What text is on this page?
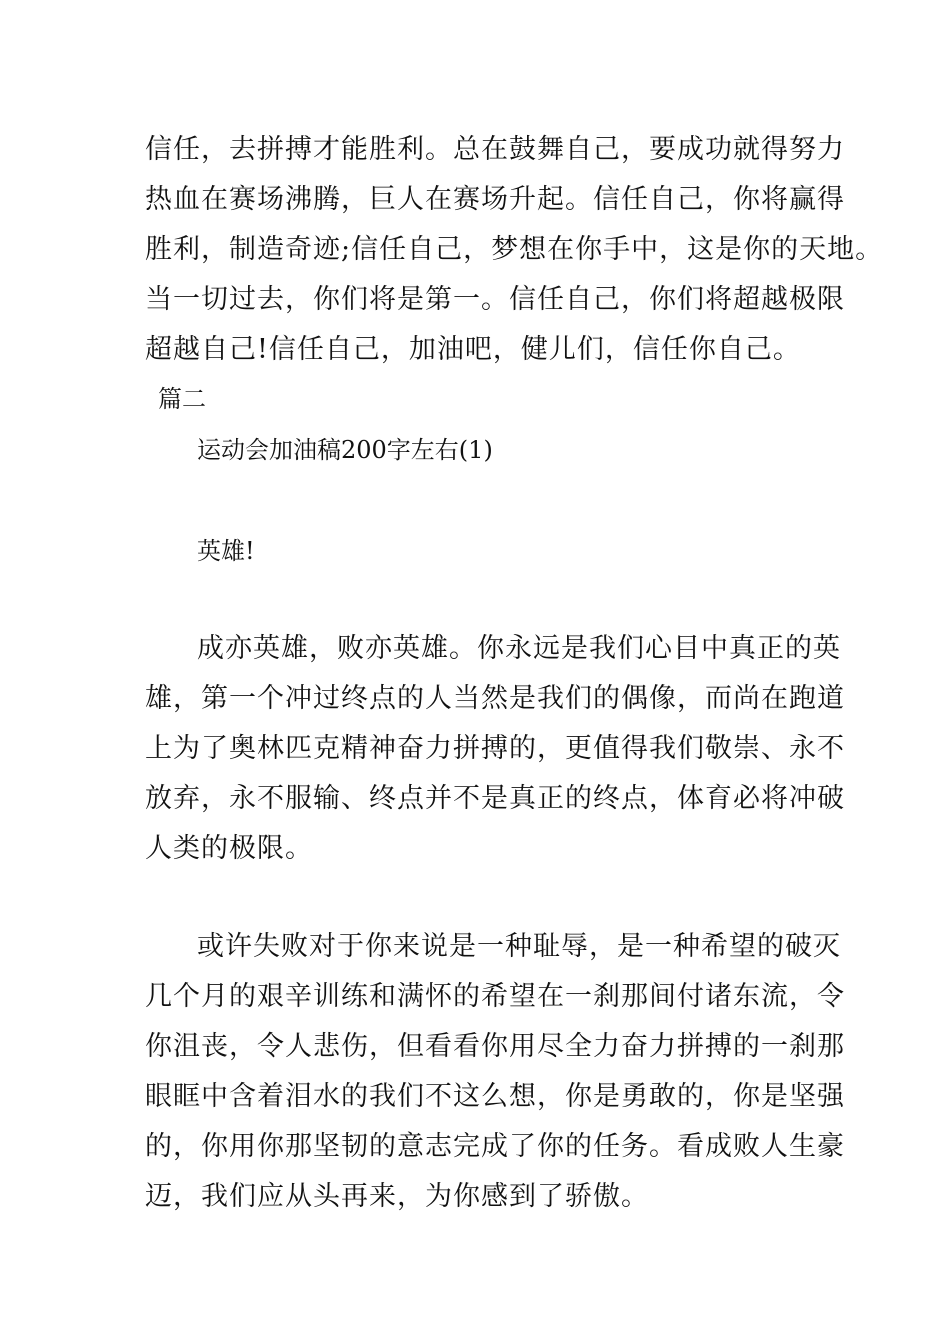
信任，去拼搏才能胜利。总在鼓舞自己，要成功就得努力
热血在赛场沸腾，巨人在赛场升起。信任自己，你将赢得
胜利，制造奇迹;信任自己，梦想在你手中，这是你的天地。
当一切过去，你们将是第一。信任自己，你们将超越极限
超越自己!信任自己，加油吧，健儿们，信任你自己。
篇二
运动会加油稿200字左右(1)
英雄!
成亦英雄，败亦英雄。你永远是我们心目中真正的英
雄，第一个冲过终点的人当然是我们的偶像，而尚在跑道
上为了奥林匹克精神奋力拼搏的，更值得我们敬崇、永不
放弃，永不服输、终点并不是真正的终点，体育必将冲破
人类的极限。
或许失败对于你来说是一种耻辱，是一种希望的破灭
几个月的艰辛训练和满怀的希望在一刹那间付诸东流，令
你沮丧，令人悲伤，但看看你用尽全力奋力拼搏的一刹那
眼眶中含着泪水的我们不这么想，你是勇敢的，你是坚强
的，你用你那坚韧的意志完成了你的任务。看成败人生豪
迈，我们应从头再来，为你感到了骄傲。
